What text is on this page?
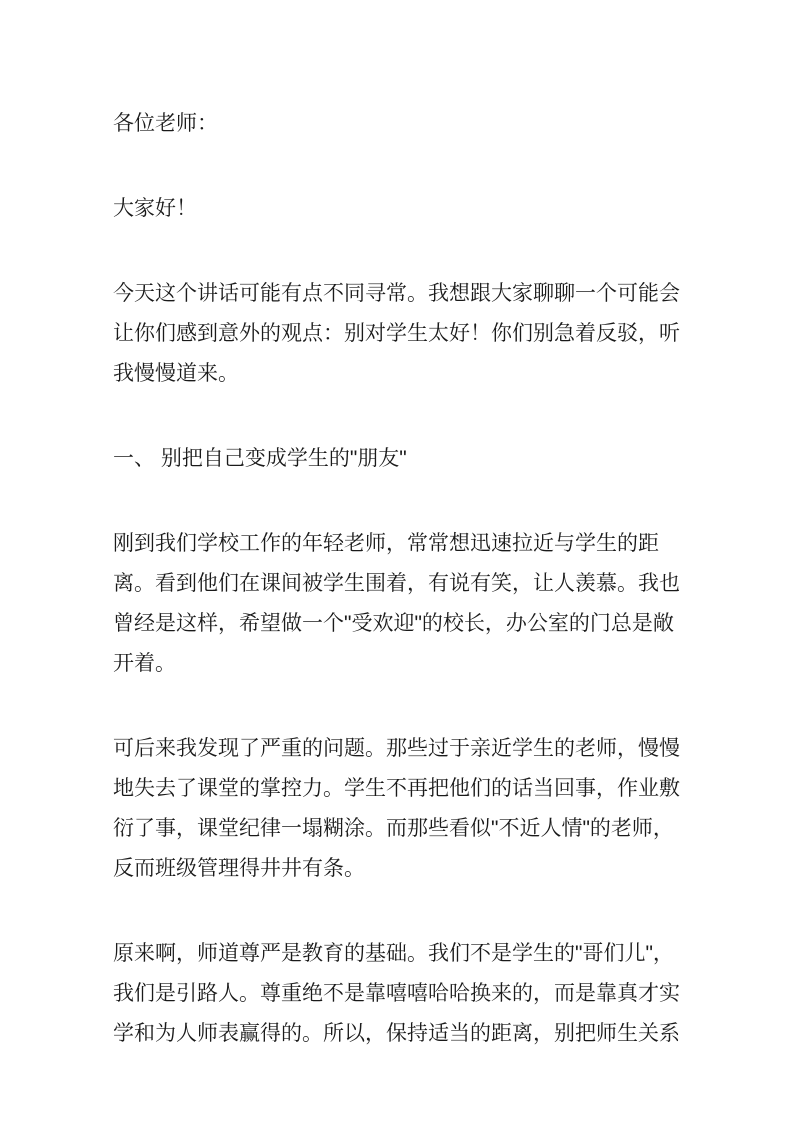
各位老师：

大家好！

今天这个讲话可能有点不同寻常。我想跟大家聊聊一个可能会让你们感到意外的观点：别对学生太好！你们别急着反驳，听我慢慢道来。

一、 别把自己变成学生的"朋友"

刚到我们学校工作的年轻老师，常常想迅速拉近与学生的距离。看到他们在课间被学生围着，有说有笑，让人羡慕。我也曾经是这样，希望做一个"受欢迎"的校长，办公室的门总是敞开着。

可后来我发现了严重的问题。那些过于亲近学生的老师，慢慢地失去了课堂的掌控力。学生不再把他们的话当回事，作业敷衍了事，课堂纪律一塌糊涂。而那些看似"不近人情"的老师，反而班级管理得井井有条。

原来啊，师道尊严是教育的基础。我们不是学生的"哥们儿"，我们是引路人。尊重绝不是靠嘻嘻哈哈换来的，而是靠真才实学和为人师表赢得的。所以，保持适当的距离，别把师生关系
